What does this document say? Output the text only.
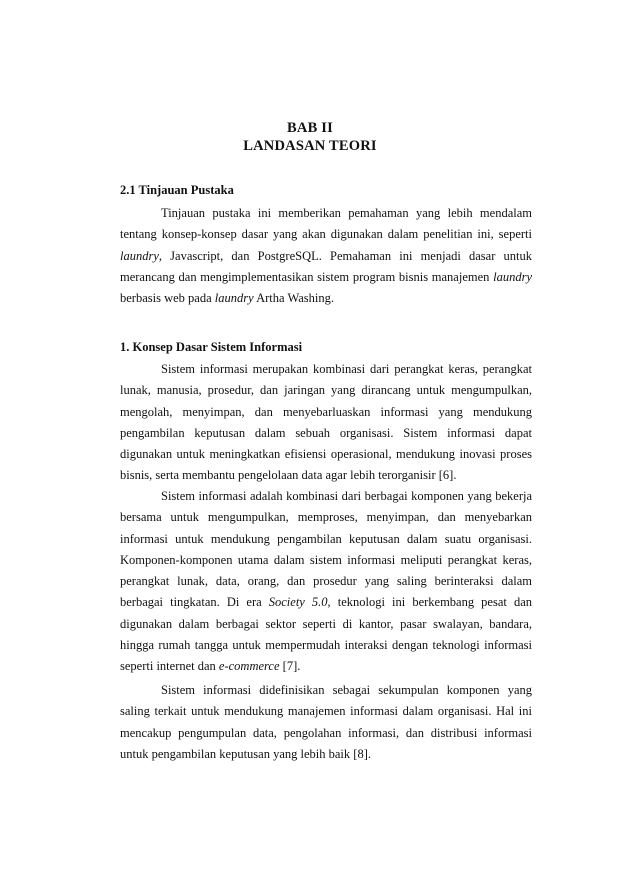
BAB II
LANDASAN TEORI
2.1 Tinjauan Pustaka

Tinjauan pustaka ini memberikan pemahaman yang lebih mendalam tentang konsep-konsep dasar yang akan digunakan dalam penelitian ini, seperti laundry, Javascript, dan PostgreSQL. Pemahaman ini menjadi dasar untuk merancang dan mengimplementasikan sistem program bisnis manajemen laundry berbasis web pada laundry Artha Washing.

1. Konsep Dasar Sistem Informasi

Sistem informasi merupakan kombinasi dari perangkat keras, perangkat lunak, manusia, prosedur, dan jaringan yang dirancang untuk mengumpulkan, mengolah, menyimpan, dan menyebarluaskan informasi yang mendukung pengambilan keputusan dalam sebuah organisasi. Sistem informasi dapat digunakan untuk meningkatkan efisiensi operasional, mendukung inovasi proses bisnis, serta membantu pengelolaan data agar lebih terorganisir [6].

Sistem informasi adalah kombinasi dari berbagai komponen yang bekerja bersama untuk mengumpulkan, memproses, menyimpan, dan menyebarkan informasi untuk mendukung pengambilan keputusan dalam suatu organisasi. Komponen-komponen utama dalam sistem informasi meliputi perangkat keras, perangkat lunak, data, orang, dan prosedur yang saling berinteraksi dalam berbagai tingkatan. Di era Society 5.0, teknologi ini berkembang pesat dan digunakan dalam berbagai sektor seperti di kantor, pasar swalayan, bandara, hingga rumah tangga untuk mempermudah interaksi dengan teknologi informasi seperti internet dan e-commerce [7].

Sistem informasi didefinisikan sebagai sekumpulan komponen yang saling terkait untuk mendukung manajemen informasi dalam organisasi. Hal ini mencakup pengumpulan data, pengolahan informasi, dan distribusi informasi untuk pengambilan keputusan yang lebih baik [8].
